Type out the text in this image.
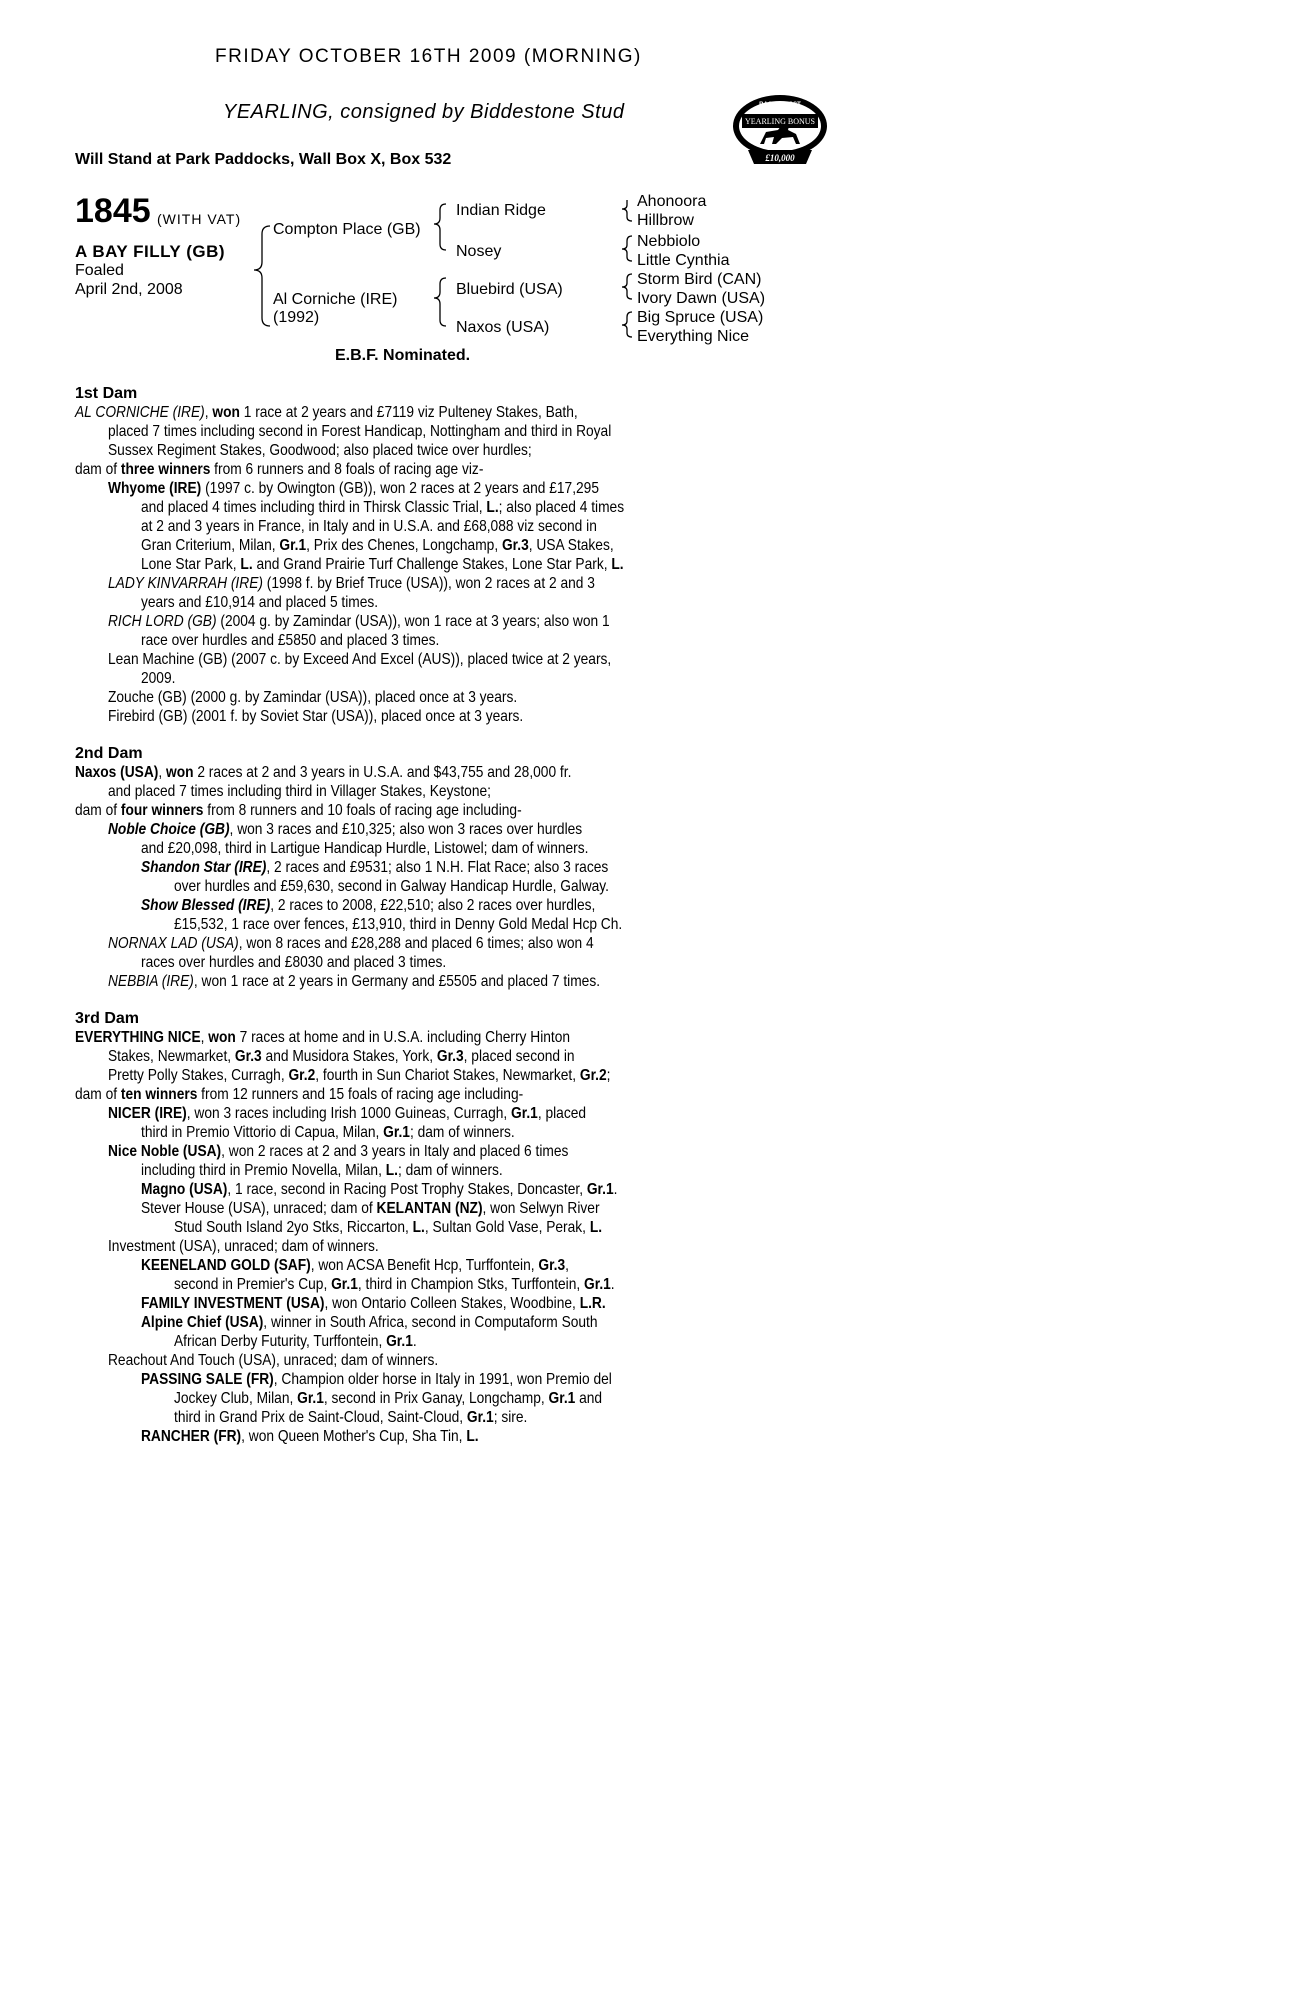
FRIDAY OCTOBER 16TH 2009 (MORNING)
YEARLING, consigned by Biddestone Stud
Will Stand at Park Paddocks, Wall Box X, Box 532
RACING POST
YEARLING BONUS
£10,000
1845 (WITH VAT)
A BAY FILLY (GB)
Foaled
April 2nd, 2008
Compton Place (GB)
Al Corniche (IRE)
(1992)
Indian Ridge
Nosey
Bluebird (USA)
Naxos (USA)
Ahonoora
Hillbrow
Nebbiolo
Little Cynthia
Storm Bird (CAN)
Ivory Dawn (USA)
Big Spruce (USA)
Everything Nice
E.B.F. Nominated.
1st Dam
AL CORNICHE (IRE), won 1 race at 2 years and £7119 viz Pulteney Stakes, Bath,
placed 7 times including second in Forest Handicap, Nottingham and third in Royal
Sussex Regiment Stakes, Goodwood; also placed twice over hurdles;
dam of three winners from 6 runners and 8 foals of racing age viz-
Whyome (IRE) (1997 c. by Owington (GB)), won 2 races at 2 years and £17,295
and placed 4 times including third in Thirsk Classic Trial, L.; also placed 4 times
at 2 and 3 years in France, in Italy and in U.S.A. and £68,088 viz second in
Gran Criterium, Milan, Gr.1, Prix des Chenes, Longchamp, Gr.3, USA Stakes,
Lone Star Park, L. and Grand Prairie Turf Challenge Stakes, Lone Star Park, L.
LADY KINVARRAH (IRE) (1998 f. by Brief Truce (USA)), won 2 races at 2 and 3
years and £10,914 and placed 5 times.
RICH LORD (GB) (2004 g. by Zamindar (USA)), won 1 race at 3 years; also won 1
race over hurdles and £5850 and placed 3 times.
Lean Machine (GB) (2007 c. by Exceed And Excel (AUS)), placed twice at 2 years,
2009.
Zouche (GB) (2000 g. by Zamindar (USA)), placed once at 3 years.
Firebird (GB) (2001 f. by Soviet Star (USA)), placed once at 3 years.
2nd Dam
Naxos (USA), won 2 races at 2 and 3 years in U.S.A. and $43,755 and 28,000 fr.
and placed 7 times including third in Villager Stakes, Keystone;
dam of four winners from 8 runners and 10 foals of racing age including-
Noble Choice (GB), won 3 races and £10,325; also won 3 races over hurdles
and £20,098, third in Lartigue Handicap Hurdle, Listowel; dam of winners.
Shandon Star (IRE), 2 races and £9531; also 1 N.H. Flat Race; also 3 races
over hurdles and £59,630, second in Galway Handicap Hurdle, Galway.
Show Blessed (IRE), 2 races to 2008, £22,510; also 2 races over hurdles,
£15,532, 1 race over fences, £13,910, third in Denny Gold Medal Hcp Ch.
NORNAX LAD (USA), won 8 races and £28,288 and placed 6 times; also won 4
races over hurdles and £8030 and placed 3 times.
NEBBIA (IRE), won 1 race at 2 years in Germany and £5505 and placed 7 times.
3rd Dam
EVERYTHING NICE, won 7 races at home and in U.S.A. including Cherry Hinton
Stakes, Newmarket, Gr.3 and Musidora Stakes, York, Gr.3, placed second in
Pretty Polly Stakes, Curragh, Gr.2, fourth in Sun Chariot Stakes, Newmarket, Gr.2;
dam of ten winners from 12 runners and 15 foals of racing age including-
NICER (IRE), won 3 races including Irish 1000 Guineas, Curragh, Gr.1, placed
third in Premio Vittorio di Capua, Milan, Gr.1; dam of winners.
Nice Noble (USA), won 2 races at 2 and 3 years in Italy and placed 6 times
including third in Premio Novella, Milan, L.; dam of winners.
Magno (USA), 1 race, second in Racing Post Trophy Stakes, Doncaster, Gr.1.
Stever House (USA), unraced; dam of KELANTAN (NZ), won Selwyn River
Stud South Island 2yo Stks, Riccarton, L., Sultan Gold Vase, Perak, L.
Investment (USA), unraced; dam of winners.
KEENELAND GOLD (SAF), won ACSA Benefit Hcp, Turffontein, Gr.3,
second in Premier's Cup, Gr.1, third in Champion Stks, Turffontein, Gr.1.
FAMILY INVESTMENT (USA), won Ontario Colleen Stakes, Woodbine, L.R.
Alpine Chief (USA), winner in South Africa, second in Computaform South
African Derby Futurity, Turffontein, Gr.1.
Reachout And Touch (USA), unraced; dam of winners.
PASSING SALE (FR), Champion older horse in Italy in 1991, won Premio del
Jockey Club, Milan, Gr.1, second in Prix Ganay, Longchamp, Gr.1 and
third in Grand Prix de Saint-Cloud, Saint-Cloud, Gr.1; sire.
RANCHER (FR), won Queen Mother's Cup, Sha Tin, L.
